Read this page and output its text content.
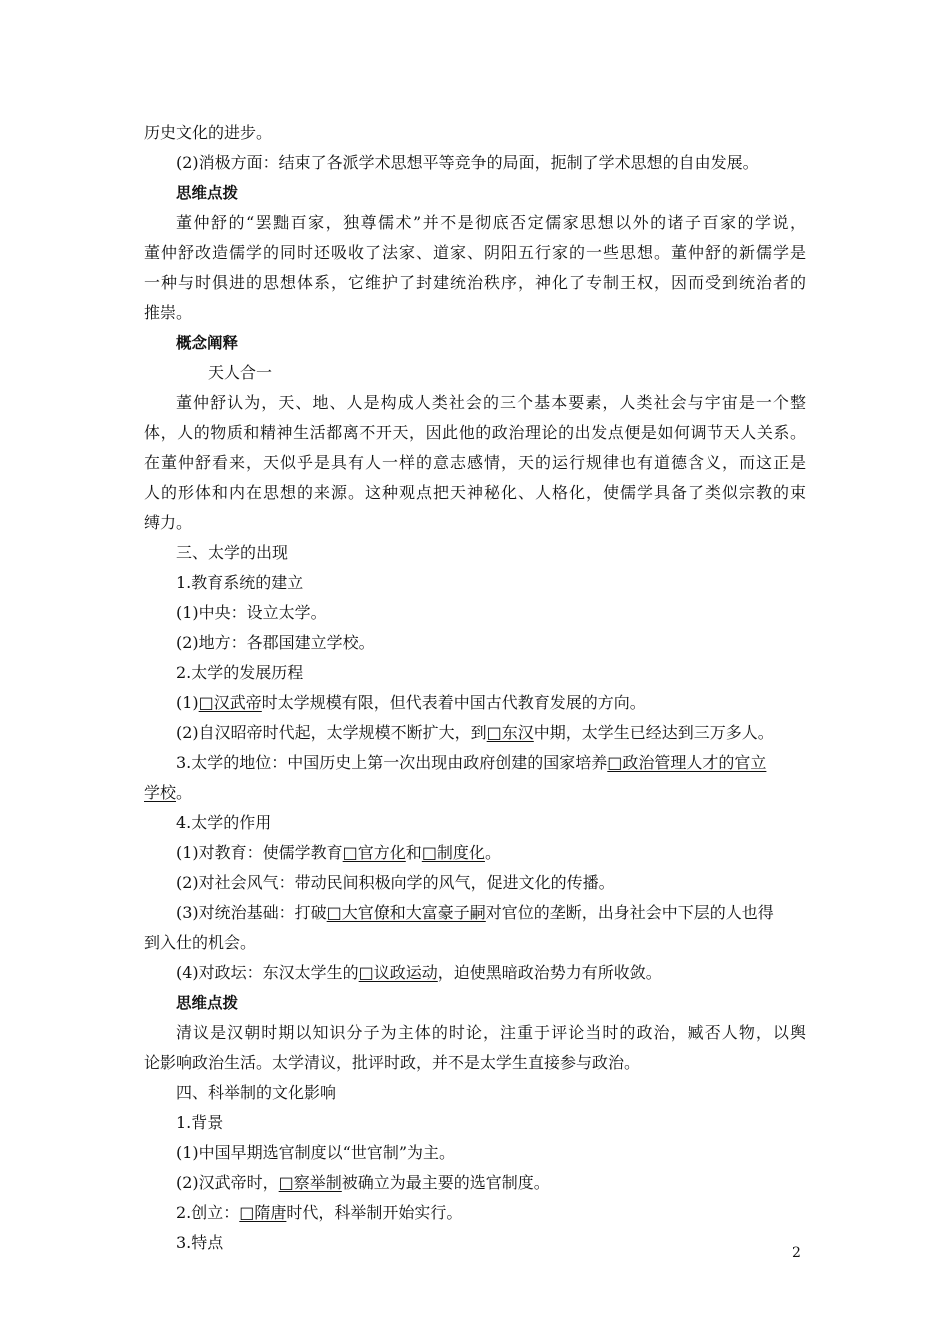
历史文化的进步。
(2)消极方面：结束了各派学术思想平等竞争的局面，扼制了学术思想的自由发展。
思维点拨
董仲舒的“罢黜百家，独尊儒术”并不是彻底否定儒家思想以外的诸子百家的学说，
董仲舒改造儒学的同时还吸收了法家、道家、阴阳五行家的一些思想。董仲舒的新儒学是
一种与时俱进的思想体系，它维护了封建统治秩序，神化了专制王权，因而受到统治者的
推崇。
概念阐释
天人合一
董仲舒认为，天、地、人是构成人类社会的三个基本要素，人类社会与宇宙是一个整
体，人的物质和精神生活都离不开天，因此他的政治理论的出发点便是如何调节天人关系。
在董仲舒看来，天似乎是具有人一样的意志感情，天的运行规律也有道德含义，而这正是
人的形体和内在思想的来源。这种观点把天神秘化、人格化，使儒学具备了类似宗教的束
缚力。
三、太学的出现
1.教育系统的建立
(1)中央：设立太学。
(2)地方：各郡国建立学校。
2.太学的发展历程
(1)□汉武帝时太学规模有限，但代表着中国古代教育发展的方向。
(2)自汉昭帝时代起，太学规模不断扩大，到□东汉中期，太学生已经达到三万多人。
3.太学的地位：中国历史上第一次出现由政府创建的国家培养□政治管理人才的官立
学校。
4.太学的作用
(1)对教育：使儒学教育□官方化和□制度化。
(2)对社会风气：带动民间积极向学的风气，促进文化的传播。
(3)对统治基础：打破□大官僚和大富豪子嗣对官位的垄断，出身社会中下层的人也得
到入仕的机会。
(4)对政坛：东汉太学生的□议政运动，迫使黑暗政治势力有所收敛。
思维点拨
清议是汉朝时期以知识分子为主体的时论，注重于评论当时的政治，臧否人物，以舆
论影响政治生活。太学清议，批评时政，并不是太学生直接参与政治。
四、科举制的文化影响
1.背景
(1)中国早期选官制度以“世官制”为主。
(2)汉武帝时，□察举制被确立为最主要的选官制度。
2.创立：□隋唐时代，科举制开始实行。
3.特点
2
